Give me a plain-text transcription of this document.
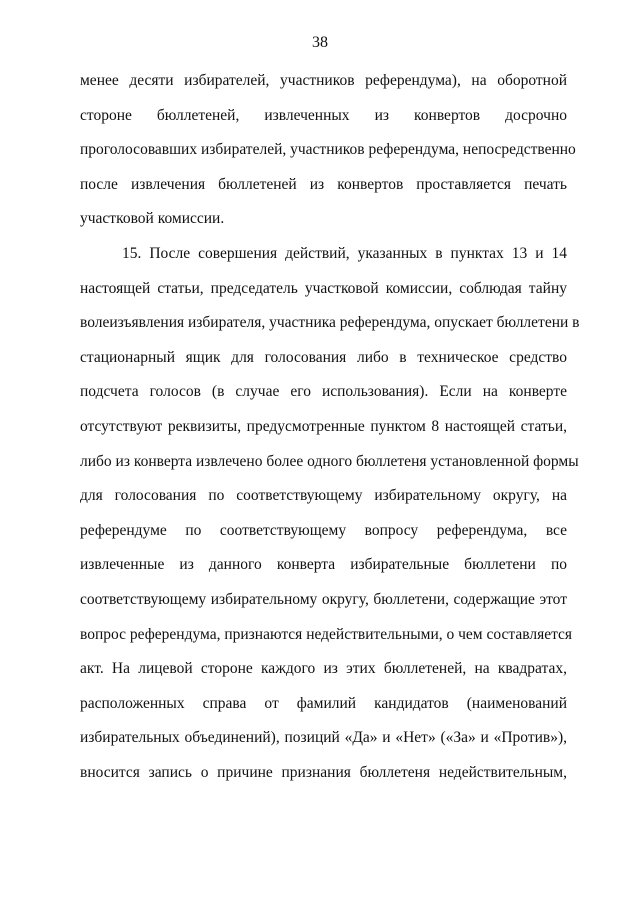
38
менее десяти избирателей, участников референдума), на оборотной
стороне бюллетеней, извлеченных из конвертов досрочно
проголосовавших избирателей, участников референдума, непосредственно
после извлечения бюллетеней из конвертов проставляется печать
участковой комиссии.
15. После совершения действий, указанных в пунктах 13 и 14
настоящей статьи, председатель участковой комиссии, соблюдая тайну
волеизъявления избирателя, участника референдума, опускает бюллетени в
стационарный ящик для голосования либо в техническое средство
подсчета голосов (в случае его использования). Если на конверте
отсутствуют реквизиты, предусмотренные пунктом 8 настоящей статьи,
либо из конверта извлечено более одного бюллетеня установленной формы
для голосования по соответствующему избирательному округу, на
референдуме по соответствующему вопросу референдума, все
извлеченные из данного конверта избирательные бюллетени по
соответствующему избирательному округу, бюллетени, содержащие этот
вопрос референдума, признаются недействительными, о чем составляется
акт. На лицевой стороне каждого из этих бюллетеней, на квадратах,
расположенных справа от фамилий кандидатов (наименований
избирательных объединений), позиций «Да» и «Нет» («За» и «Против»),
вносится запись о причине признания бюллетеня недействительным,
